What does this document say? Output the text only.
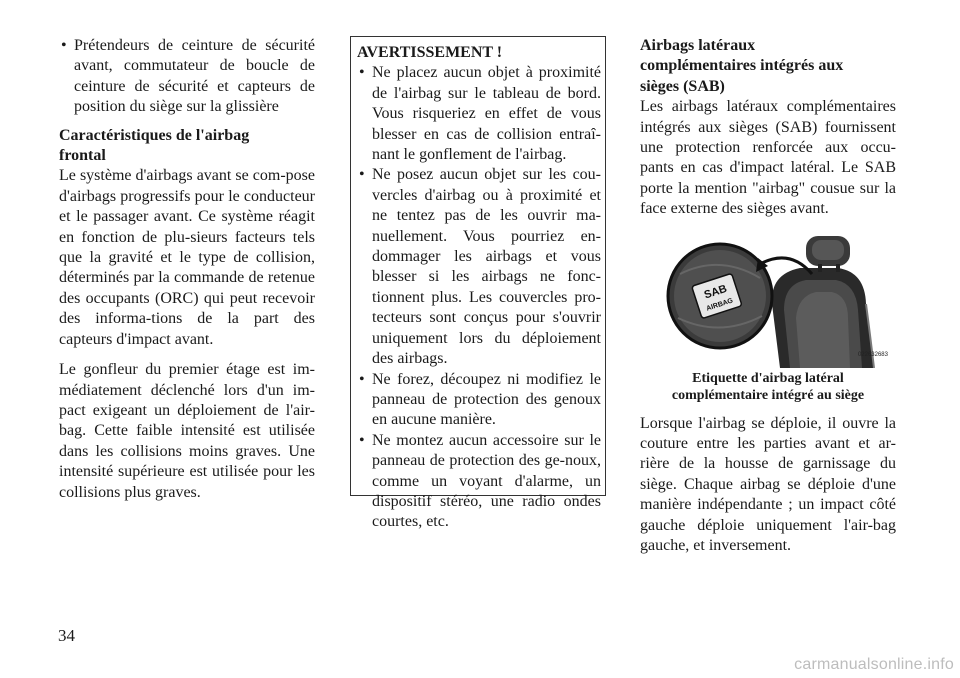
• Prétendeurs de ceinture de sécurité avant, commutateur de boucle de ceinture de sécurité et capteurs de position du siège sur la glissière
Caractéristiques de l'airbag
frontal

Le système d'airbags avant se com-pose d'airbags progressifs pour le conducteur et le passager avant. Ce système réagit en fonction de plu-sieurs facteurs tels que la gravité et le type de collision, déterminés par la commande de retenue des occupants (ORC) qui peut recevoir des informa-tions de la part des capteurs d'impact avant.

Le gonfleur du premier étage est im-médiatement déclenché lors d'un im-pact exigeant un déploiement de l'air-bag. Cette faible intensité est utilisée dans les collisions moins graves. Une intensité supérieure est utilisée pour les collisions plus graves.

AVERTISSEMENT !
• Ne placez aucun objet à proximité de l'airbag sur le tableau de bord. Vous risqueriez en effet de vous blesser en cas de collision entraî-nant le gonflement de l'airbag.
• Ne posez aucun objet sur les cou-vercles d'airbag ou à proximité et ne tentez pas de les ouvrir ma-nuellement. Vous pourriez en-dommager les airbags et vous blesser si les airbags ne fonc-tionnent plus. Les couvercles pro-tecteurs sont conçus pour s'ouvrir uniquement lors du déploiement des airbags.
• Ne forez, découpez ni modifiez le panneau de protection des genoux en aucune manière.
• Ne montez aucun accessoire sur le panneau de protection des ge-noux, comme un voyant d'alarme, un dispositif stéréo, une radio ondes courtes, etc.
Airbags latéraux
complémentaires intégrés aux
sièges (SAB)

Les airbags latéraux complémentaires intégrés aux sièges (SAB) fournissent une protection renforcée aux occu-pants en cas d'impact latéral. Le SAB porte la mention "airbag" cousue sur la face externe des sièges avant.

SAB
AIRBAG
022632683
Etiquette d'airbag latéral
complémentaire intégré au siège

Lorsque l'airbag se déploie, il ouvre la couture entre les parties avant et ar-rière de la housse de garnissage du siège. Chaque airbag se déploie d'une manière indépendante ; un impact côté gauche déploie uniquement l'air-bag gauche, et inversement.

34
carmanualsonline.info
